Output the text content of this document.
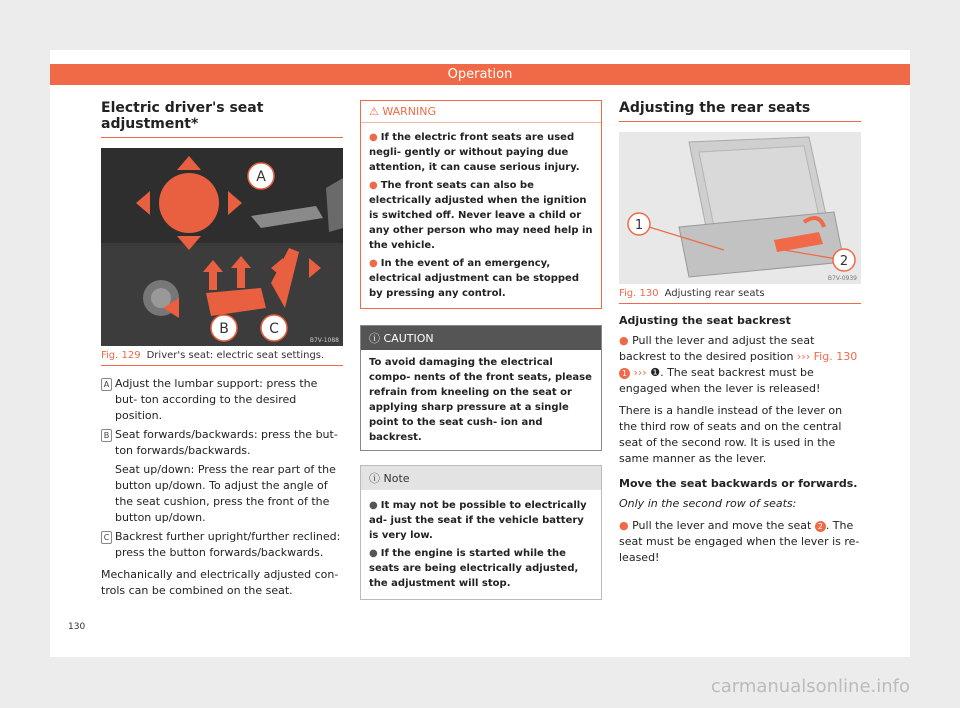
Operation
Electric driver's seat adjustment*
A
B	C
B7V-1088
Fig. 129 Driver's seat: electric seat settings.
A Adjust the lumbar support: press the but- ton according to the desired position.
B Seat forwards/backwards: press the but- ton forwards/backwards.
Seat up/down: Press the rear part of the button up/down. To adjust the angle of the seat cushion, press the front of the button up/down.
C Backrest further upright/further reclined: press the button forwards/backwards.

Mechanically and electrically adjusted con- trols can be combined on the seat.

⚠ WARNING
● If the electric front seats are used negli- gently or without paying due attention, it can cause serious injury.
● The front seats can also be electrically adjusted when the ignition is switched off. Never leave a child or any other person who may need help in the vehicle.
● In the event of an emergency, electrical adjustment can be stopped by pressing any control.
ⓘ CAUTION
To avoid damaging the electrical compo- nents of the front seats, please refrain from kneeling on the seat or applying sharp pressure at a single point to the seat cush- ion and backrest.
ⓘ Note
● It may not be possible to electrically ad- just the seat if the vehicle battery is very low.
● If the engine is started while the seats are being electrically adjusted, the adjustment will stop.
Adjusting the rear seats
1
2
B7V-0939
Fig. 130 Adjusting rear seats
Adjusting the seat backrest

● Pull the lever and adjust the seat backrest to the desired position ››› Fig. 130 1 ››› ❶. The seat backrest must be engaged when the lever is released!

There is a handle instead of the lever on the third row of seats and on the central seat of the second row. It is used in the same manner as the lever.

Move the seat backwards or forwards.

Only in the second row of seats:

● Pull the lever and move the seat 2 . The seat must be engaged when the lever is re- leased!

130
carmanualsonline.info
